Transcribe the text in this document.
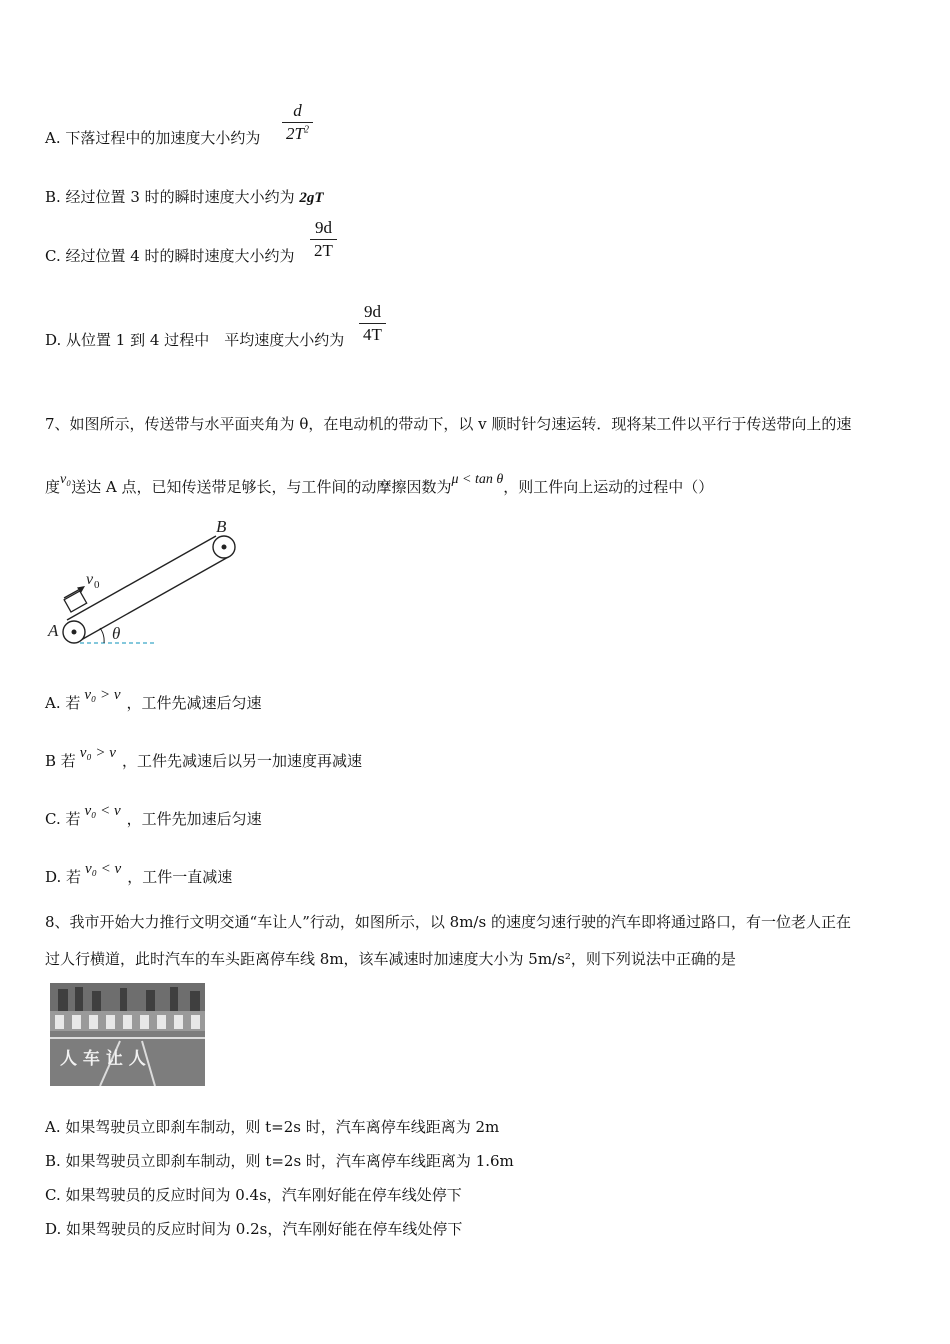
A. 下落过程中的加速度大小约为
d
$2T^2$
B. 经过位置 3 时的瞬时速度大小约为 2gT
C. 经过位置 4 时的瞬时速度大小约为
9d
2T
D. 从位置 1 到 4 过程中　平均速度大小约为
9d
4T
7、如图所示，传送带与水平面夹角为 θ，在电动机的带动下，以 v 顺时针匀速运转．现将某工件以平行于传送带向上的速
度v₀送达 A 点，已知传送带足够长，与工件间的动摩擦因数为μ < tan θ，则工件向上运动的过程中（）
A
B
v 0
θ
A. 若 v₀ > v ，工件先减速后匀速
B 若 v₀ > v ，工件先减速后以另一加速度再减速
C. 若 v₀ < v ，工件先加速后匀速
D. 若 v₀ < v ，工件一直减速
8、我市开始大力推行文明交通“车让人”行动，如图所示，以 8m/s 的速度匀速行驶的汽车即将通过路口，有一位老人正在
过人行横道，此时汽车的车头距离停车线 8m，该车减速时加速度大小为 5m/s²，则下列说法中正确的是
人 车 让 人
A. 如果驾驶员立即刹车制动，则 t=2s 时，汽车离停车线距离为 2m
B. 如果驾驶员立即刹车制动，则 t=2s 时，汽车离停车线距离为 1.6m
C. 如果驾驶员的反应时间为 0.4s，汽车刚好能在停车线处停下
D. 如果驾驶员的反应时间为 0.2s，汽车刚好能在停车线处停下
